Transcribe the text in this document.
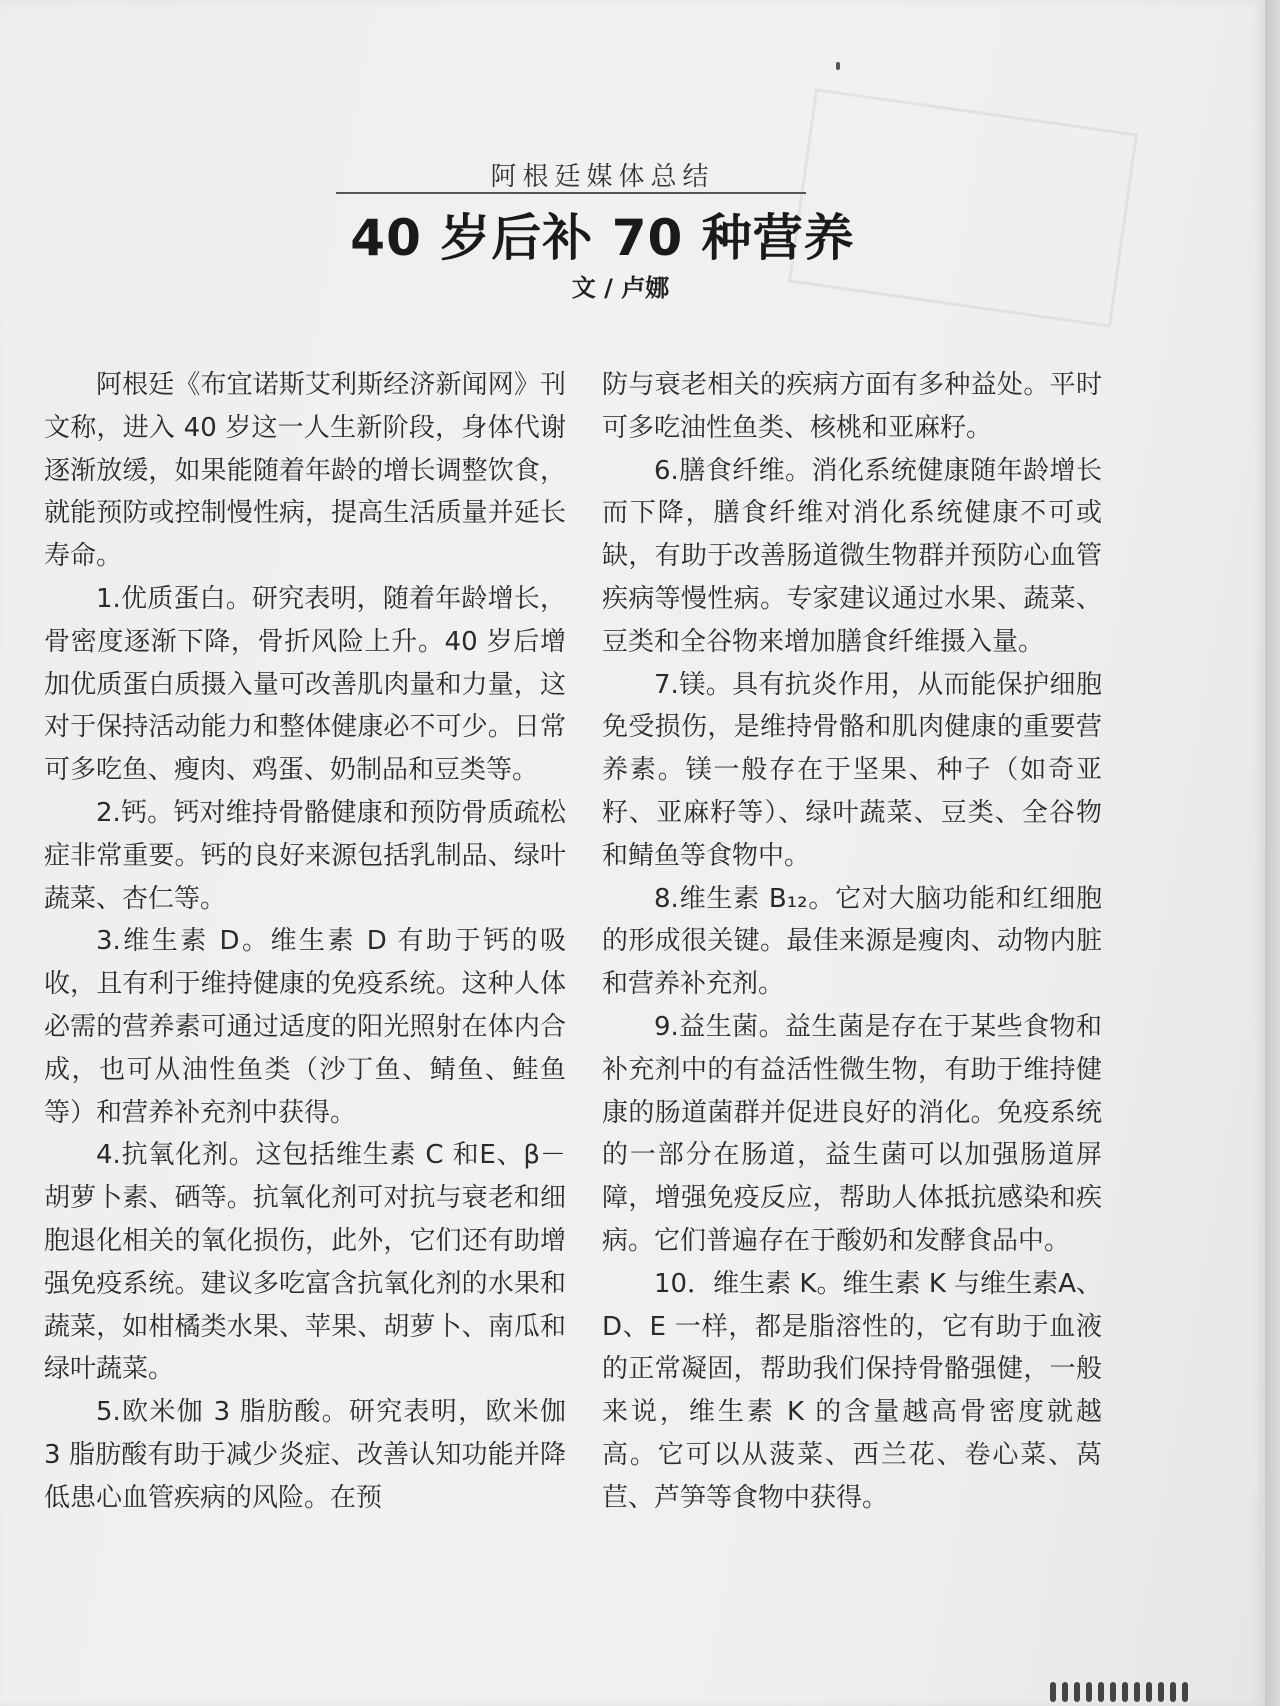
阿根廷媒体总结
40 岁后补 70 种营养
文 / 卢娜

阿根廷《布宜诺斯艾利斯经济新闻网》刊文称，进入 40 岁这一人生新阶段，身体代谢逐渐放缓，如果能随着年龄的增长调整饮食，就能预防或控制慢性病，提高生活质量并延长寿命。

1.优质蛋白。研究表明，随着年龄增长，骨密度逐渐下降，骨折风险上升。40 岁后增加优质蛋白质摄入量可改善肌肉量和力量，这对于保持活动能力和整体健康必不可少。日常可多吃鱼、瘦肉、鸡蛋、奶制品和豆类等。

2.钙。钙对维持骨骼健康和预防骨质疏松症非常重要。钙的良好来源包括乳制品、绿叶蔬菜、杏仁等。

3.维生素 D。维生素 D 有助于钙的吸收，且有利于维持健康的免疫系统。这种人体必需的营养素可通过适度的阳光照射在体内合成，也可从油性鱼类（沙丁鱼、鲭鱼、鲑鱼等）和营养补充剂中获得。

4.抗氧化剂。这包括维生素 C 和E、β－胡萝卜素、硒等。抗氧化剂可对抗与衰老和细胞退化相关的氧化损伤，此外，它们还有助增强免疫系统。建议多吃富含抗氧化剂的水果和蔬菜，如柑橘类水果、苹果、胡萝卜、南瓜和绿叶蔬菜。

5.欧米伽 3 脂肪酸。研究表明，欧米伽 3 脂肪酸有助于减少炎症、改善认知功能并降低患心血管疾病的风险。在预

防与衰老相关的疾病方面有多种益处。平时可多吃油性鱼类、核桃和亚麻籽。

6.膳食纤维。消化系统健康随年龄增长而下降，膳食纤维对消化系统健康不可或缺，有助于改善肠道微生物群并预防心血管疾病等慢性病。专家建议通过水果、蔬菜、豆类和全谷物来增加膳食纤维摄入量。

7.镁。具有抗炎作用，从而能保护细胞免受损伤，是维持骨骼和肌肉健康的重要营养素。镁一般存在于坚果、种子（如奇亚籽、亚麻籽等）、绿叶蔬菜、豆类、全谷物和鲭鱼等食物中。

8.维生素 B₁₂。它对大脑功能和红细胞的形成很关键。最佳来源是瘦肉、动物内脏和营养补充剂。

9.益生菌。益生菌是存在于某些食物和补充剂中的有益活性微生物，有助于维持健康的肠道菌群并促进良好的消化。免疫系统的一部分在肠道，益生菌可以加强肠道屏障，增强免疫反应，帮助人体抵抗感染和疾病。它们普遍存在于酸奶和发酵食品中。

10．维生素 K。维生素 K 与维生素A、D、E 一样，都是脂溶性的，它有助于血液的正常凝固，帮助我们保持骨骼强健，一般来说，维生素 K 的含量越高骨密度就越高。它可以从菠菜、西兰花、卷心菜、莴苣、芦笋等食物中获得。
